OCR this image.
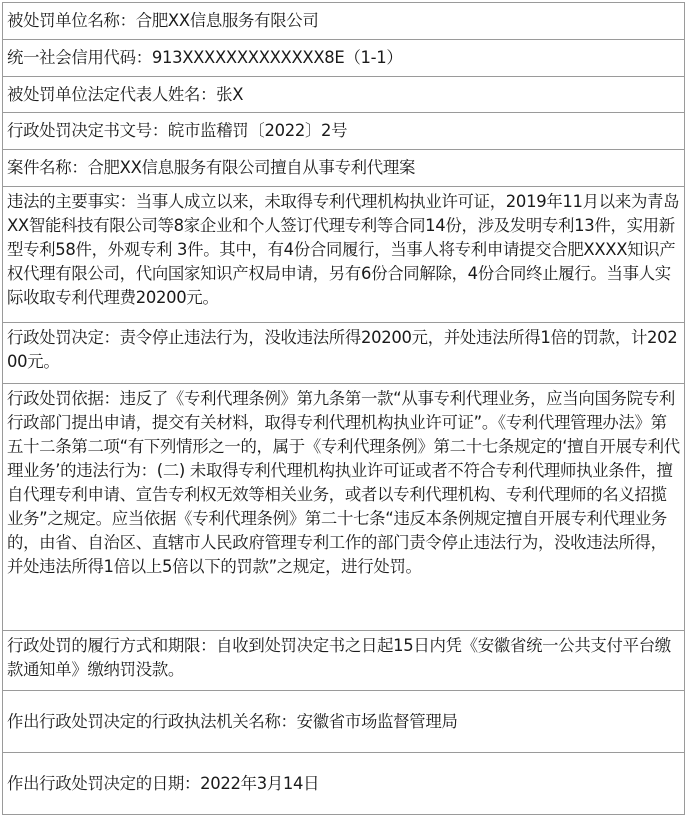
被处罚单位名称：合肥XX信息服务有限公司
统一社会信用代码：913XXXXXXXXXXXXX8E（1-1）
被处罚单位法定代表人姓名：张X
行政处罚决定书文号：皖市监稽罚〔2022〕2号
案件名称：合肥XX信息服务有限公司擅自从事专利代理案
违法的主要事实：当事人成立以来，未取得专利代理机构执业许可证，2019年11月以来为青岛XX智能科技有限公司等8家企业和个人签订代理专利等合同14份，涉及发明专利13件，实用新型专利58件，外观专利 3件。其中，有4份合同履行，当事人将专利申请提交合肥XXXX知识产权代理有限公司，代向国家知识产权局申请，另有6份合同解除，4份合同终止履行。当事人实际收取专利代理费20200元。
行政处罚决定：责令停止违法行为，没收违法所得20200元，并处违法所得1倍的罚款，计20200元。
行政处罚依据：违反了《专利代理条例》第九条第一款“从事专利代理业务，应当向国务院专利行政部门提出申请，提交有关材料，取得专利代理机构执业许可证”。《专利代理管理办法》第五十二条第二项“有下列情形之一的，属于《专利代理条例》第二十七条规定的‘擅自开展专利代理业务’的违法行为：(二) 未取得专利代理机构执业许可证或者不符合专利代理师执业条件，擅自代理专利申请、宣告专利权无效等相关业务，或者以专利代理机构、专利代理师的名义招揽业务”之规定。应当依据《专利代理条例》第二十七条“违反本条例规定擅自开展专利代理业务的，由省、自治区、直辖市人民政府管理专利工作的部门责令停止违法行为，没收违法所得，并处违法所得1倍以上5倍以下的罚款”之规定，进行处罚。
行政处罚的履行方式和期限：自收到处罚决定书之日起15日内凭《安徽省统一公共支付平台缴款通知单》缴纳罚没款。
作出行政处罚决定的行政执法机关名称：安徽省市场监督管理局
作出行政处罚决定的日期：2022年3月14日
